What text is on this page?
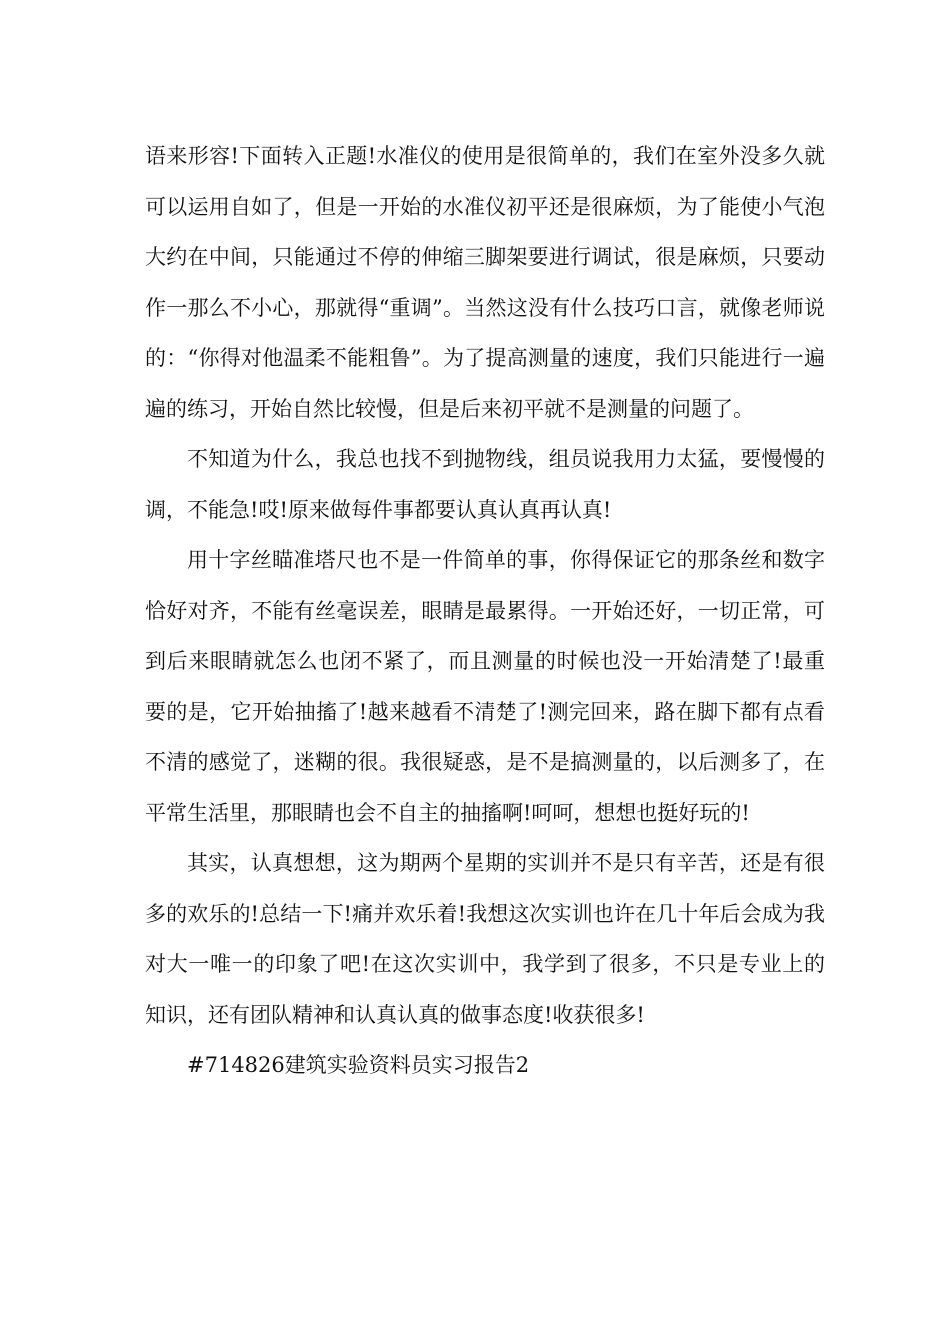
语来形容!下面转入正题!水准仪的使用是很简单的，我们在室外没多久就可以运用自如了，但是一开始的水准仪初平还是很麻烦，为了能使小气泡大约在中间，只能通过不停的伸缩三脚架要进行调试，很是麻烦，只要动作一那么不小心，那就得“重调”。当然这没有什么技巧口言，就像老师说的：“你得对他温柔不能粗鲁”。为了提高测量的速度，我们只能进行一遍遍的练习，开始自然比较慢，但是后来初平就不是测量的问题了。

不知道为什么，我总也找不到抛物线，组员说我用力太猛，要慢慢的调，不能急!哎!原来做每件事都要认真认真再认真!

用十字丝瞄准塔尺也不是一件简单的事，你得保证它的那条丝和数字恰好对齐，不能有丝毫误差，眼睛是最累得。一开始还好，一切正常，可到后来眼睛就怎么也闭不紧了，而且测量的时候也没一开始清楚了!最重要的是，它开始抽搐了!越来越看不清楚了!测完回来，路在脚下都有点看不清的感觉了，迷糊的很。我很疑惑，是不是搞测量的，以后测多了，在平常生活里，那眼睛也会不自主的抽搐啊!呵呵，想想也挺好玩的!

其实，认真想想，这为期两个星期的实训并不是只有辛苦，还是有很多的欢乐的!总结一下!痛并欢乐着!我想这次实训也许在几十年后会成为我对大一唯一的印象了吧!在这次实训中，我学到了很多，不只是专业上的知识，还有团队精神和认真认真的做事态度!收获很多!

#714826建筑实验资料员实习报告2
